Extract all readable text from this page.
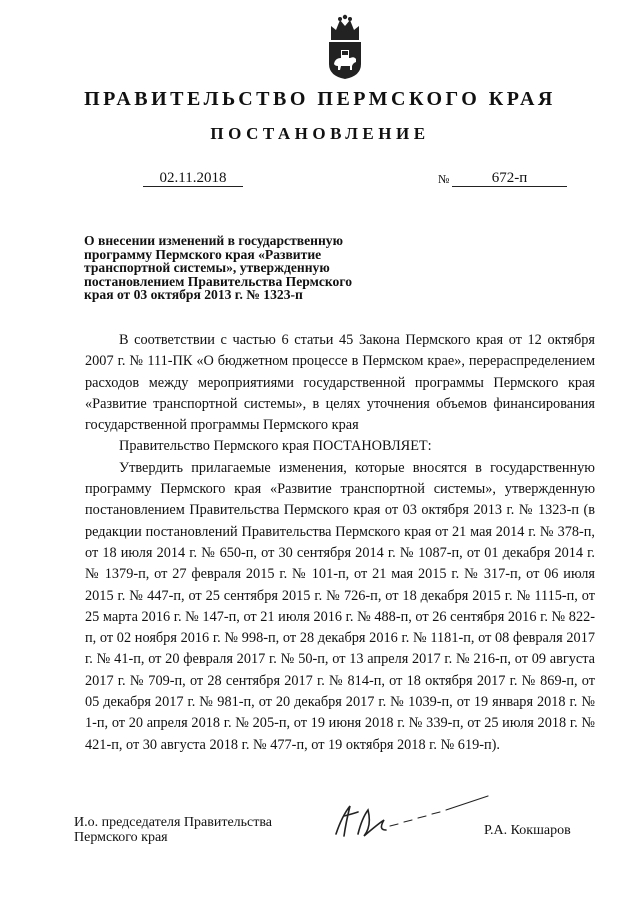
ПРАВИТЕЛЬСТВО ПЕРМСКОГО КРАЯ
ПОСТАНОВЛЕНИЕ
02.11.2018	№	672-п
О внесении изменений в государственную
программу Пермского края «Развитие
транспортной системы», утвержденную
постановлением Правительства Пермского
края от 03 октября 2013 г. № 1323-п

В соответствии с частью 6 статьи 45 Закона Пермского края от 12 октября 2007 г. № 111-ПК «О бюджетном процессе в Пермском крае», перераспределением расходов между мероприятиями государственной программы Пермского края «Развитие транспортной системы», в целях уточнения объемов финансирования государственной программы Пермского края

Правительство Пермского края ПОСТАНОВЛЯЕТ:

Утвердить прилагаемые изменения, которые вносятся в государственную программу Пермского края «Развитие транспортной системы», утвержденную постановлением Правительства Пермского края от 03 октября 2013 г. № 1323-п (в редакции постановлений Правительства Пермского края от 21 мая 2014 г. № 378-п, от 18 июля 2014 г. № 650-п, от 30 сентября 2014 г. № 1087-п, от 01 декабря 2014 г. № 1379-п, от 27 февраля 2015 г. № 101-п, от 21 мая 2015 г. № 317-п, от 06 июля 2015 г. № 447-п, от 25 сентября 2015 г. № 726-п, от 18 декабря 2015 г. № 1115-п, от 25 марта 2016 г. № 147-п, от 21 июля 2016 г. № 488-п, от 26 сентября 2016 г. № 822-п, от 02 ноября 2016 г. № 998-п, от 28 декабря 2016 г. № 1181-п, от 08 февраля 2017 г. № 41-п, от 20 февраля 2017 г. № 50-п, от 13 апреля 2017 г. № 216-п, от 09 августа 2017 г. № 709-п, от 28 сентября 2017 г. № 814-п, от 18 октября 2017 г. № 869-п, от 05 декабря 2017 г. № 981-п, от 20 декабря 2017 г. № 1039-п, от 19 января 2018 г. № 1-п, от 20 апреля 2018 г. № 205-п, от 19 июня 2018 г. № 339-п, от 25 июля 2018 г. № 421-п, от 30 августа 2018 г. № 477-п, от 19 октября 2018 г. № 619-п).

И.о. председателя Правительства
Пермского края	Р.А. Кокшаров
